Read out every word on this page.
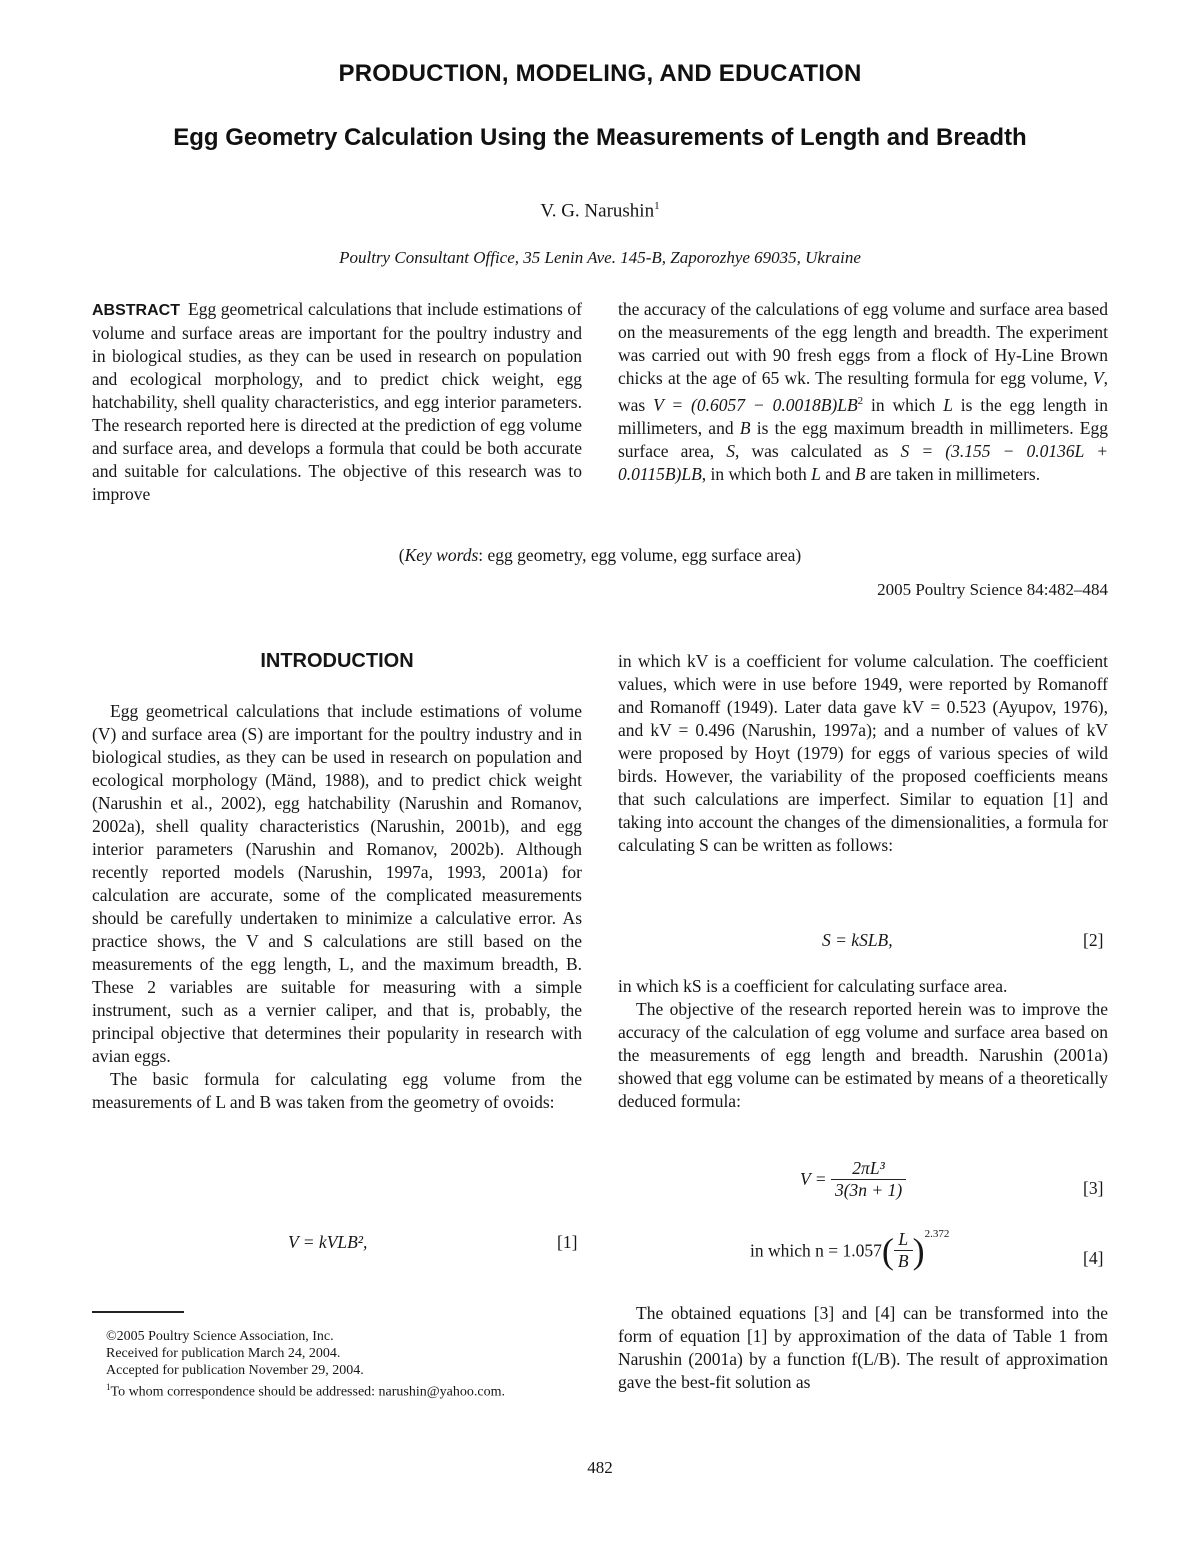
PRODUCTION, MODELING, AND EDUCATION
Egg Geometry Calculation Using the Measurements of Length and Breadth
V. G. Narushin$^1$
Poultry Consultant Office, 35 Lenin Ave. 145-B, Zaporozhye 69035, Ukraine

ABSTRACT Egg geometrical calculations that include estimations of volume and surface areas are important for the poultry industry and in biological studies, as they can be used in research on population and ecological morphology, and to predict chick weight, egg hatchability, shell quality characteristics, and egg interior parameters. The research reported here is directed at the prediction of egg volume and surface area, and develops a formula that could be both accurate and suitable for calculations. The objective of this research was to improve

the accuracy of the calculations of egg volume and surface area based on the measurements of the egg length and breadth. The experiment was carried out with 90 fresh eggs from a flock of Hy-Line Brown chicks at the age of 65 wk. The resulting formula for egg volume, V, was $V = (0.6057 - 0.0018B)LB^2$ in which L is the egg length in millimeters, and B is the egg maximum breadth in millimeters. Egg surface area, S, was calculated as S = (3.155 − 0.0136L + 0.0115B)LB, in which both L and B are taken in millimeters.

(Key words: egg geometry, egg volume, egg surface area)
2005 Poultry Science 84:482–484
INTRODUCTION

Egg geometrical calculations that include estimations of volume (V) and surface area (S) are important for the poultry industry and in biological studies, as they can be used in research on population and ecological morphology (Mänd, 1988), and to predict chick weight (Narushin et al., 2002), egg hatchability (Narushin and Romanov, 2002a), shell quality characteristics (Narushin, 2001b), and egg interior parameters (Narushin and Romanov, 2002b). Although recently reported models (Narushin, 1997a, 1993, 2001a) for calculation are accurate, some of the complicated measurements should be carefully undertaken to minimize a calculative error. As practice shows, the V and S calculations are still based on the measurements of the egg length, L, and the maximum breadth, B. These 2 variables are suitable for measuring with a simple instrument, such as a vernier caliper, and that is, probably, the principal objective that determines their popularity in research with avian eggs.

The basic formula for calculating egg volume from the measurements of L and B was taken from the geometry of ovoids:

V = kVLB²,	[1]
©2005 Poultry Science Association, Inc.
Received for publication March 24, 2004.
Accepted for publication November 29, 2004.
$^1$To whom correspondence should be addressed: narushin@yahoo.com.

in which kV is a coefficient for volume calculation. The coefficient values, which were in use before 1949, were reported by Romanoff and Romanoff (1949). Later data gave kV = 0.523 (Ayupov, 1976), and kV = 0.496 (Narushin, 1997a); and a number of values of kV were proposed by Hoyt (1979) for eggs of various species of wild birds. However, the variability of the proposed coefficients means that such calculations are imperfect. Similar to equation [1] and taking into account the changes of the dimensionalities, a formula for calculating S can be written as follows:

S = kSLB,	[2]

in which kS is a coefficient for calculating surface area.

The objective of the research reported herein was to improve the accuracy of the calculation of egg volume and surface area based on the measurements of egg length and breadth. Narushin (2001a) showed that egg volume can be estimated by means of a theoretically deduced formula:

$V = \frac{\text{2πL³}}{3(3n + 1)}$	[3]
in which $n = 1.057( \frac{L}{B} )^{2.372}$
[4]

The obtained equations [3] and [4] can be transformed into the form of equation [1] by approximation of the data of Table 1 from Narushin (2001a) by a function f(L/B). The result of approximation gave the best-fit solution as

482
